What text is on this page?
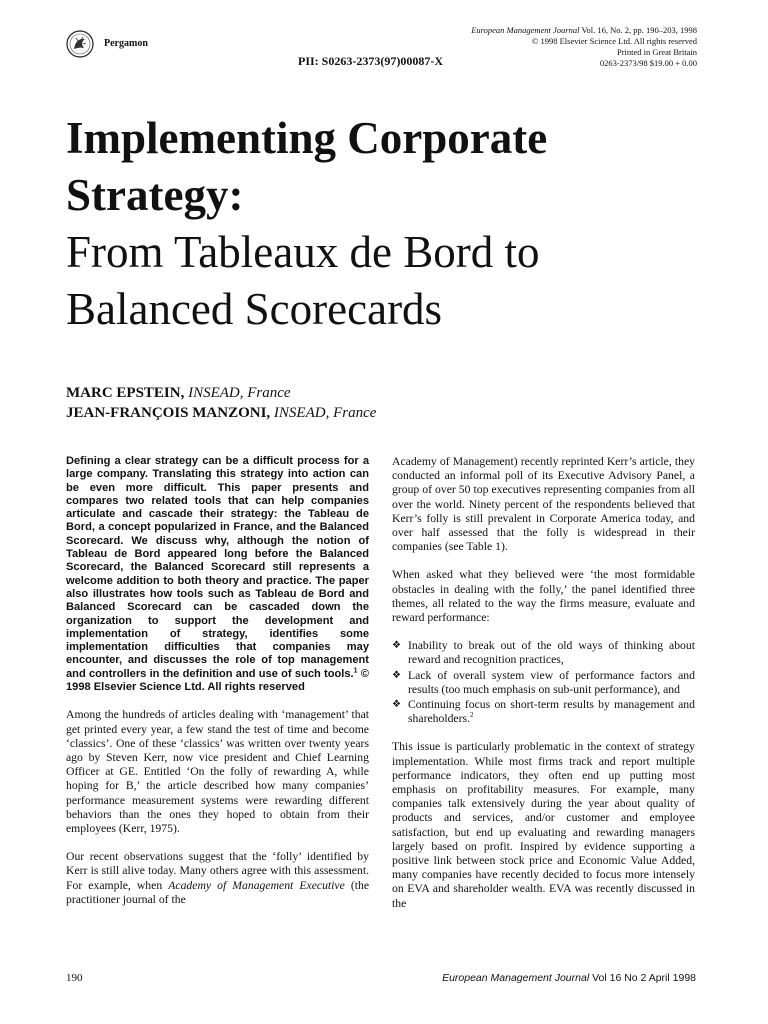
Pergamon
PII: S0263-2373(97)00087-X
European Management Journal Vol. 16, No. 2, pp. 190–203, 1998
© 1998 Elsevier Science Ltd. All rights reserved
Printed in Great Britain
0263-2373/98 $19.00 + 0.00
Implementing Corporate Strategy:
From Tableaux de Bord to Balanced Scorecards
MARC EPSTEIN, INSEAD, France
JEAN-FRANÇOIS MANZONI, INSEAD, France

Defining a clear strategy can be a difficult process for a large company. Translating this strategy into action can be even more difficult. This paper presents and compares two related tools that can help companies articulate and cascade their strategy: the Tableau de Bord, a concept popularized in France, and the Balanced Scorecard. We discuss why, although the notion of Tableau de Bord appeared long before the Balanced Scorecard, the Balanced Scorecard still represents a welcome addition to both theory and practice. The paper also illustrates how tools such as Tableau de Bord and Balanced Scorecard can be cascaded down the organization to support the development and implementation of strategy, identifies some implementation difficulties that companies may encounter, and discusses the role of top management and controllers in the definition and use of such tools.$^1$ © 1998 Elsevier Science Ltd. All rights reserved

Among the hundreds of articles dealing with ‘management’ that get printed every year, a few stand the test of time and become ‘classics’. One of these ‘classics’ was written over twenty years ago by Steven Kerr, now vice president and Chief Learning Officer at GE. Entitled ‘On the folly of rewarding A, while hoping for B,’ the article described how many companies’ performance measurement systems were rewarding different behaviors than the ones they hoped to obtain from their employees (Kerr, 1975).

Our recent observations suggest that the ‘folly’ identified by Kerr is still alive today. Many others agree with this assessment. For example, when Academy of Management Executive (the practitioner journal of the

Academy of Management) recently reprinted Kerr’s article, they conducted an informal poll of its Executive Advisory Panel, a group of over 50 top executives representing companies from all over the world. Ninety percent of the respondents believed that Kerr’s folly is still prevalent in Corporate America today, and over half assessed that the folly is widespread in their companies (see Table 1).

When asked what they believed were ‘the most formidable obstacles in dealing with the folly,’ the panel identified three themes, all related to the way the firms measure, evaluate and reward performance:

❖ Inability to break out of the old ways of thinking about reward and recognition practices,
❖ Lack of overall system view of performance factors and results (too much emphasis on sub-unit performance), and
❖ Continuing focus on short-term results by management and shareholders.$^2$

This issue is particularly problematic in the context of strategy implementation. While most firms track and report multiple performance indicators, they often end up putting most emphasis on profitability measures. For example, many companies talk extensively during the year about quality of products and services, and/or customer and employee satisfaction, but end up evaluating and rewarding managers largely based on profit. Inspired by evidence supporting a positive link between stock price and Economic Value Added, many companies have recently decided to focus more intensely on EVA and shareholder wealth. EVA was recently discussed in the

190	European Management Journal Vol 16 No 2 April 1998
